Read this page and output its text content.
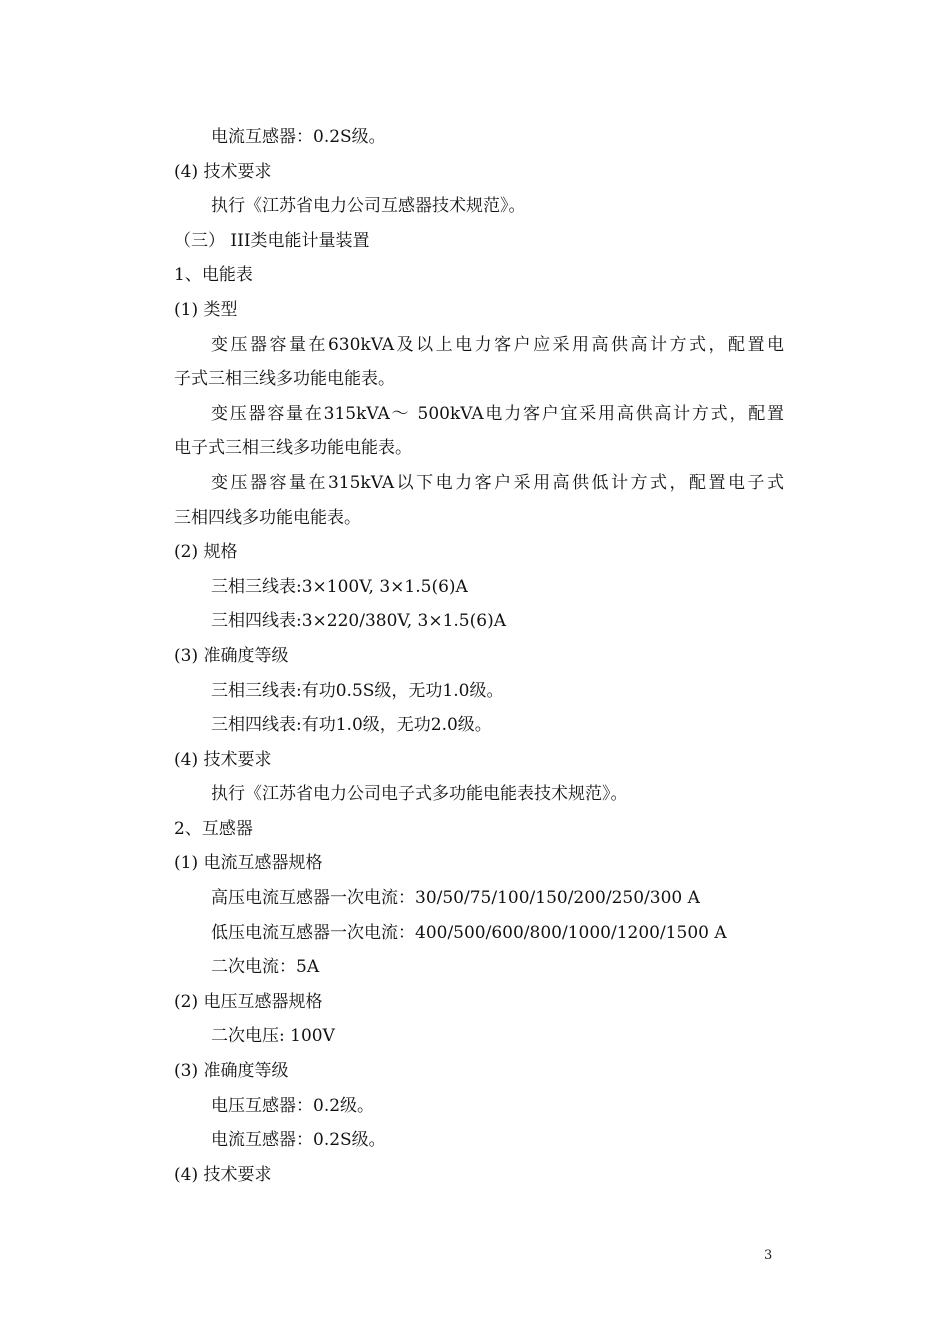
电流互感器：0.2S级。
(4) 技术要求
执行《江苏省电力公司互感器技术规范》。
（三） III类电能计量装置
1、电能表
(1) 类型
变压器容量在630kVA及以上电力客户应采用高供高计方式，配置电
子式三相三线多功能电能表。
变压器容量在315kVA～ 500kVA电力客户宜采用高供高计方式，配置
电子式三相三线多功能电能表。
变压器容量在315kVA以下电力客户采用高供低计方式，配置电子式
三相四线多功能电能表。
(2) 规格
三相三线表:3×100V, 3×1.5(6)A
三相四线表:3×220/380V, 3×1.5(6)A
(3) 准确度等级
三相三线表:有功0.5S级，无功1.0级。
三相四线表:有功1.0级，无功2.0级。
(4) 技术要求
执行《江苏省电力公司电子式多功能电能表技术规范》。
2、互感器
(1) 电流互感器规格
高压电流互感器一次电流：30/50/75/100/150/200/250/300 A
低压电流互感器一次电流：400/500/600/800/1000/1200/1500 A
二次电流：5A
(2) 电压互感器规格
二次电压: 100V
(3) 准确度等级
电压互感器：0.2级。
电流互感器：0.2S级。
(4) 技术要求
3
